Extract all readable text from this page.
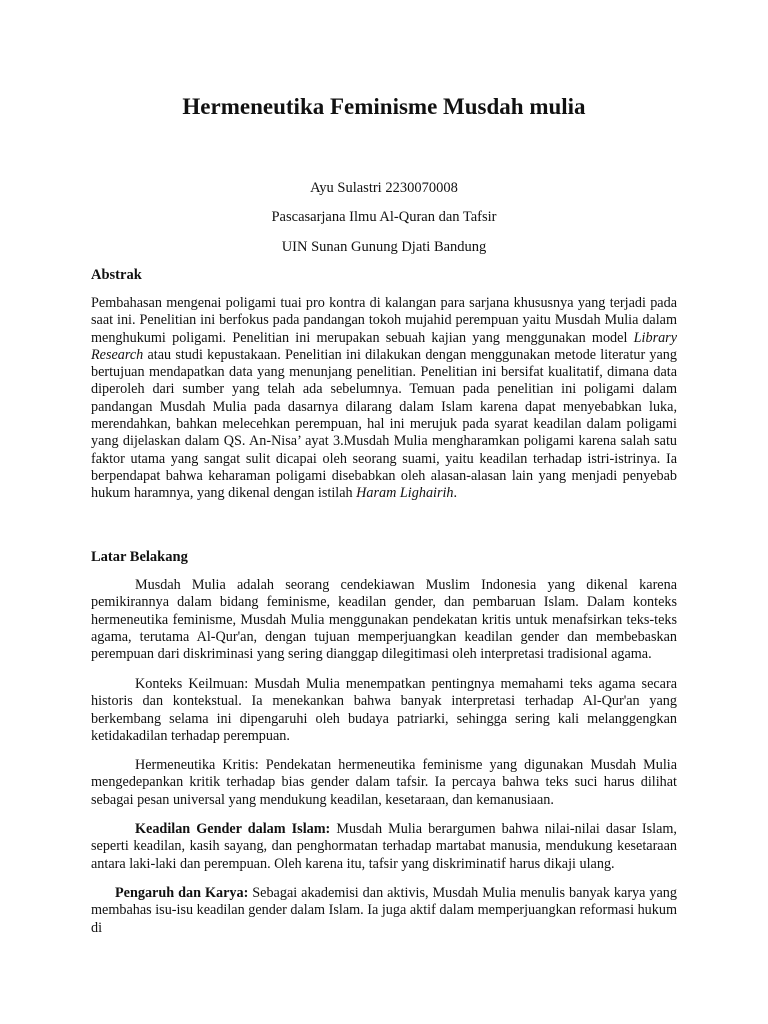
Hermeneutika Feminisme Musdah mulia
Ayu Sulastri 2230070008
Pascasarjana Ilmu Al-Quran dan Tafsir
UIN Sunan Gunung Djati Bandung
Abstrak

Pembahasan mengenai poligami tuai pro kontra di kalangan para sarjana khususnya yang terjadi pada saat ini. Penelitian ini berfokus pada pandangan tokoh mujahid perempuan yaitu Musdah Mulia dalam menghukumi poligami. Penelitian ini merupakan sebuah kajian yang menggunakan model Library Research atau studi kepustakaan. Penelitian ini dilakukan dengan menggunakan metode literatur yang bertujuan mendapatkan data yang menunjang penelitian. Penelitian ini bersifat kualitatif, dimana data diperoleh dari sumber yang telah ada sebelumnya. Temuan pada penelitian ini poligami dalam pandangan Musdah Mulia pada dasarnya dilarang dalam Islam karena dapat menyebabkan luka, merendahkan, bahkan melecehkan perempuan, hal ini merujuk pada syarat keadilan dalam poligami yang dijelaskan dalam QS. An-Nisa’ ayat 3.Musdah Mulia mengharamkan poligami karena salah satu faktor utama yang sangat sulit dicapai oleh seorang suami, yaitu keadilan terhadap istri-istrinya. Ia berpendapat bahwa keharaman poligami disebabkan oleh alasan-alasan lain yang menjadi penyebab hukum haramnya, yang dikenal dengan istilah Haram Lighairih.

Latar Belakang

Musdah Mulia adalah seorang cendekiawan Muslim Indonesia yang dikenal karena pemikirannya dalam bidang feminisme, keadilan gender, dan pembaruan Islam. Dalam konteks hermeneutika feminisme, Musdah Mulia menggunakan pendekatan kritis untuk menafsirkan teks-teks agama, terutama Al-Qur'an, dengan tujuan memperjuangkan keadilan gender dan membebaskan perempuan dari diskriminasi yang sering dianggap dilegitimasi oleh interpretasi tradisional agama.

Konteks Keilmuan: Musdah Mulia menempatkan pentingnya memahami teks agama secara historis dan kontekstual. Ia menekankan bahwa banyak interpretasi terhadap Al-Qur'an yang berkembang selama ini dipengaruhi oleh budaya patriarki, sehingga sering kali melanggengkan ketidakadilan terhadap perempuan.

Hermeneutika Kritis: Pendekatan hermeneutika feminisme yang digunakan Musdah Mulia mengedepankan kritik terhadap bias gender dalam tafsir. Ia percaya bahwa teks suci harus dilihat sebagai pesan universal yang mendukung keadilan, kesetaraan, dan kemanusiaan.

Keadilan Gender dalam Islam: Musdah Mulia berargumen bahwa nilai-nilai dasar Islam, seperti keadilan, kasih sayang, dan penghormatan terhadap martabat manusia, mendukung kesetaraan antara laki-laki dan perempuan. Oleh karena itu, tafsir yang diskriminatif harus dikaji ulang.

Pengaruh dan Karya: Sebagai akademisi dan aktivis, Musdah Mulia menulis banyak karya yang membahas isu-isu keadilan gender dalam Islam. Ia juga aktif dalam memperjuangkan reformasi hukum di
